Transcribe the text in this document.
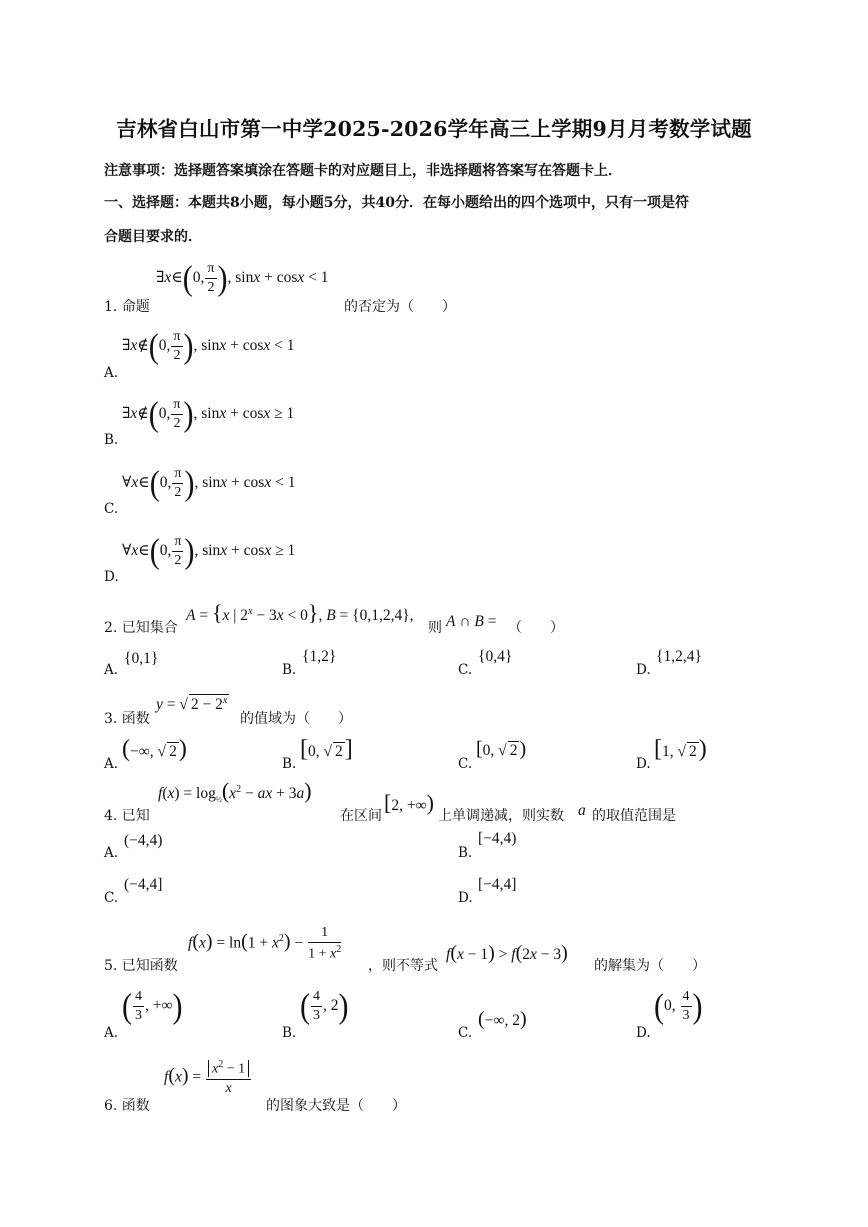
吉林省白山市第一中学2025-2026学年高三上学期9月月考数学试题
注意事项：选择题答案填涂在答题卡的对应题目上，非选择题将答案写在答题卡上．
一、选择题：本题共8小题，每小题5分，共40分．在每小题给出的四个选项中，只有一项是符
合题目要求的．
1. 命题
∃x∈(0, $\frac{\pi}{2}$ ), sinx + cosx < 1
的否定为（　　）
A.
∃x∉(0, $\frac{\pi}{2}$ ), sinx + cosx < 1
B.
∃x∉(0, $\frac{\pi}{2}$ ), sinx + cosx ≥ 1
C.
∀x∈(0, $\frac{\pi}{2}$ ), sinx + cosx < 1
D.
∀x∈(0, $\frac{\pi}{2}$ ), sinx + cosx ≥ 1
2. 已知集合
A = {x | $2^x - 3x < 0$}, B = {0,1,2,4},
则 A ∩ B = （　　）
A.
{0,1}
B.
{1,2}
C.
{0,4}
D.
{1,2,4}
3. 函数
y = √ $2 - 2^x$
的值域为（　　）
A.
(−∞, √ 2)
B.
[0, √ 2]
C.
[0, √ 2 )
D.
[1, √ 2)
4. 已知
$f(x) = \log_{\frac{1}{2}}(x^2$ − ax + 3a)
在区间
[2, +∞)
上单调递减，则实数 a 的取值范围是
A.
(−4,4)
B.
[−4,4)
C.
(−4,4]
D.
[−4,4]
5. 已知函数
$f(x) = \ln(1 + x^2) - \frac{1}{1 + x^2}$
，则不等式
f(x − 1) > f(2x − 3)
的解集为（　　）
A.
( $\frac{4}{3}$ , +∞)
B.
( $\frac{4}{3}$ , 2)
C.
(−∞, 2)
D.
(0, $\frac{4}{3}$ )
6. 函数
$f(x) = \frac{x^2 - 1}{x}$
的图象大致是（　　）
